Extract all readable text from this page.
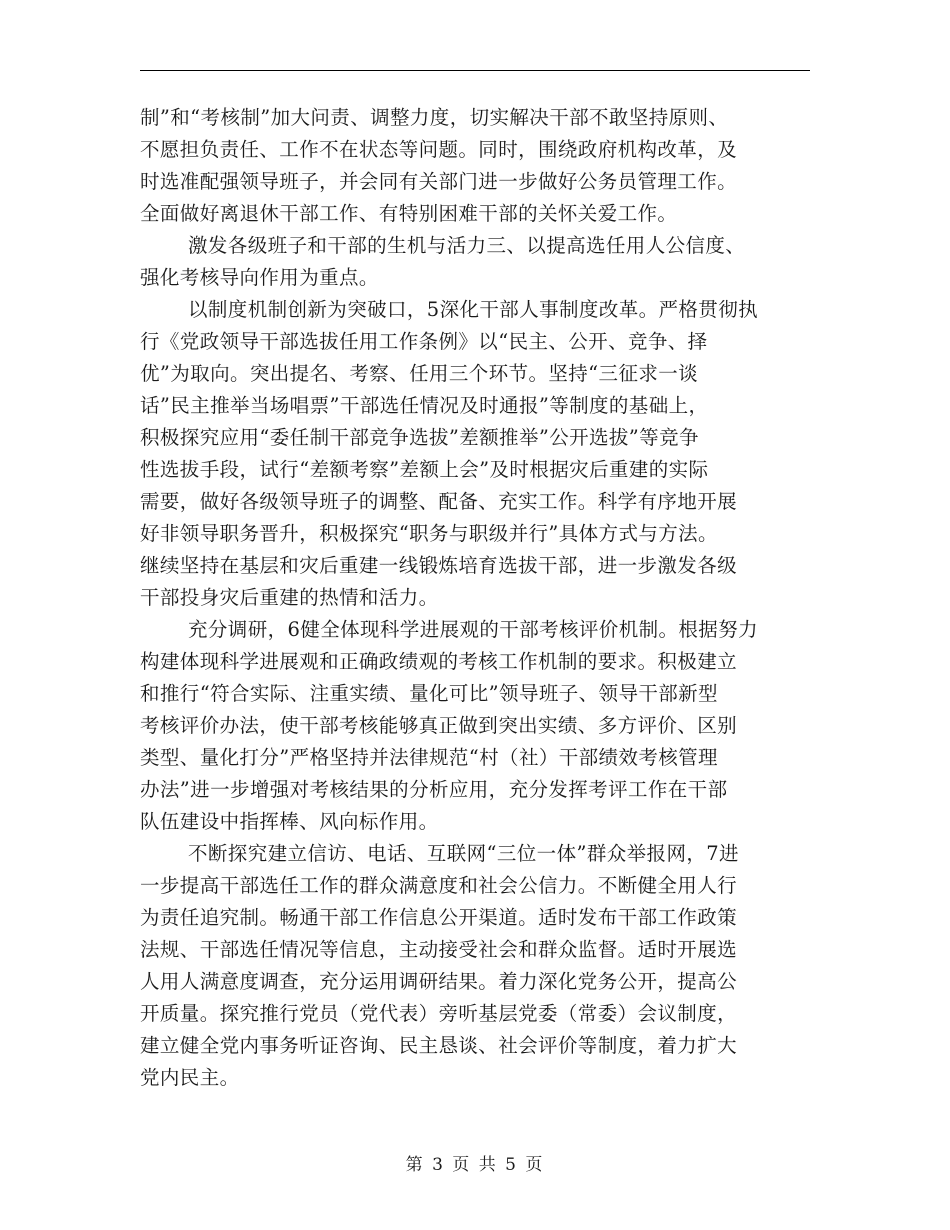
制”和“考核制”加大问责、调整力度，切实解决干部不敢坚持原则、
不愿担负责任、工作不在状态等问题。同时，围绕政府机构改革，及
时选准配强领导班子，并会同有关部门进一步做好公务员管理工作。
全面做好离退休干部工作、有特别困难干部的关怀关爱工作。
激发各级班子和干部的生机与活力三、以提高选任用人公信度、
强化考核导向作用为重点。
以制度机制创新为突破口，5深化干部人事制度改革。严格贯彻执
行《党政领导干部选拔任用工作条例》以“民主、公开、竞争、择
优”为取向。突出提名、考察、任用三个环节。坚持“三征求一谈
话”民主推举当场唱票”干部选任情况及时通报”等制度的基础上，
积极探究应用“委任制干部竞争选拔”差额推举”公开选拔”等竞争
性选拔手段，试行“差额考察”差额上会”及时根据灾后重建的实际
需要，做好各级领导班子的调整、配备、充实工作。科学有序地开展
好非领导职务晋升，积极探究“职务与职级并行”具体方式与方法。
继续坚持在基层和灾后重建一线锻炼培育选拔干部，进一步激发各级
干部投身灾后重建的热情和活力。
充分调研，6健全体现科学进展观的干部考核评价机制。根据努力
构建体现科学进展观和正确政绩观的考核工作机制的要求。积极建立
和推行“符合实际、注重实绩、量化可比”领导班子、领导干部新型
考核评价办法，使干部考核能够真正做到突出实绩、多方评价、区别
类型、量化打分”严格坚持并法律规范“村（社）干部绩效考核管理
办法”进一步增强对考核结果的分析应用，充分发挥考评工作在干部
队伍建设中指挥棒、风向标作用。
不断探究建立信访、电话、互联网“三位一体”群众举报网，7进
一步提高干部选任工作的群众满意度和社会公信力。不断健全用人行
为责任追究制。畅通干部工作信息公开渠道。适时发布干部工作政策
法规、干部选任情况等信息，主动接受社会和群众监督。适时开展选
人用人满意度调查，充分运用调研结果。着力深化党务公开，提高公
开质量。探究推行党员（党代表）旁听基层党委（常委）会议制度，
建立健全党内事务听证咨询、民主恳谈、社会评价等制度，着力扩大
党内民主。
第 3 页 共 5 页
